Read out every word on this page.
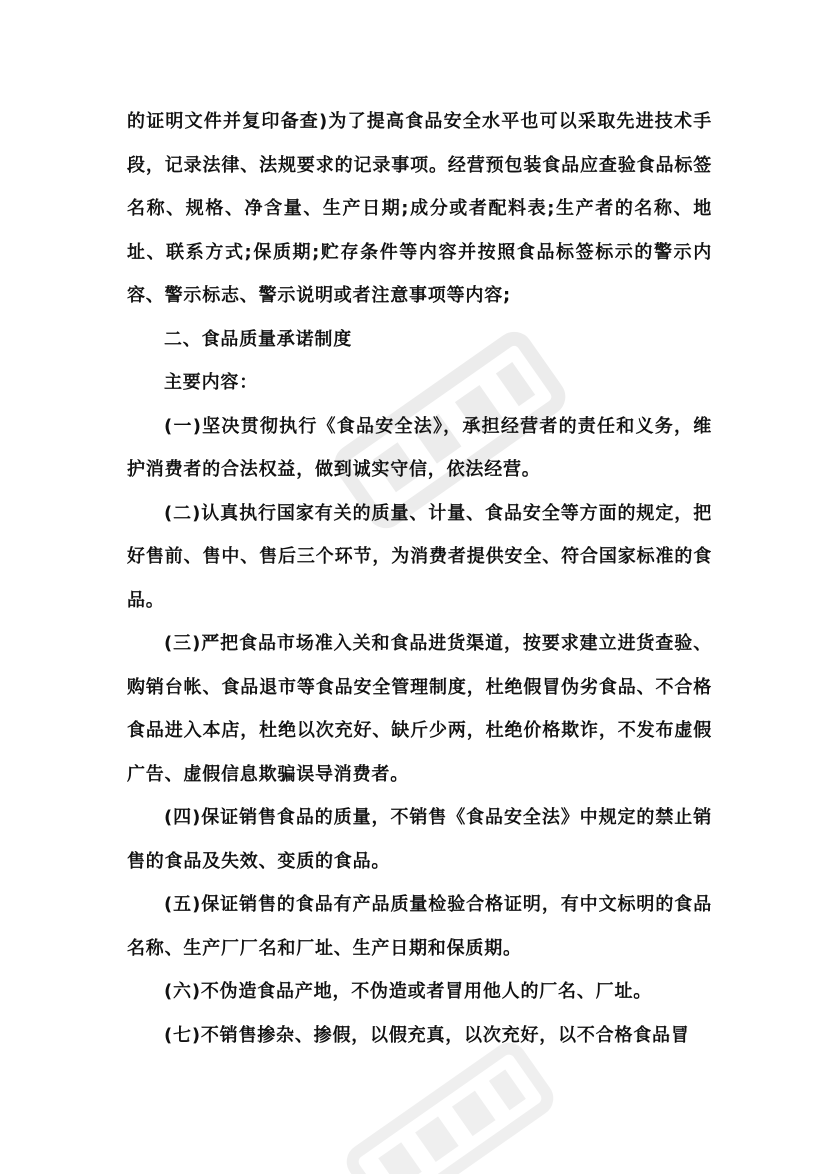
的证明文件并复印备查)为了提高食品安全水平也可以采取先进技术手段，记录法律、法规要求的记录事项。经营预包装食品应查验食品标签名称、规格、净含量、生产日期;成分或者配料表;生产者的名称、地址、联系方式;保质期;贮存条件等内容并按照食品标签标示的警示内容、警示标志、警示说明或者注意事项等内容;

二、食品质量承诺制度

主要内容：

(一)坚决贯彻执行《食品安全法》，承担经营者的责任和义务，维护消费者的合法权益，做到诚实守信，依法经营。

(二)认真执行国家有关的质量、计量、食品安全等方面的规定，把好售前、售中、售后三个环节，为消费者提供安全、符合国家标准的食品。

(三)严把食品市场准入关和食品进货渠道，按要求建立进货查验、购销台帐、食品退市等食品安全管理制度，杜绝假冒伪劣食品、不合格食品进入本店，杜绝以次充好、缺斤少两，杜绝价格欺诈，不发布虚假广告、虚假信息欺骗误导消费者。

(四)保证销售食品的质量，不销售《食品安全法》中规定的禁止销售的食品及失效、变质的食品。

(五)保证销售的食品有产品质量检验合格证明，有中文标明的食品名称、生产厂厂名和厂址、生产日期和保质期。

(六)不伪造食品产地，不伪造或者冒用他人的厂名、厂址。

(七)不销售掺杂、掺假，以假充真，以次充好，以不合格食品冒
